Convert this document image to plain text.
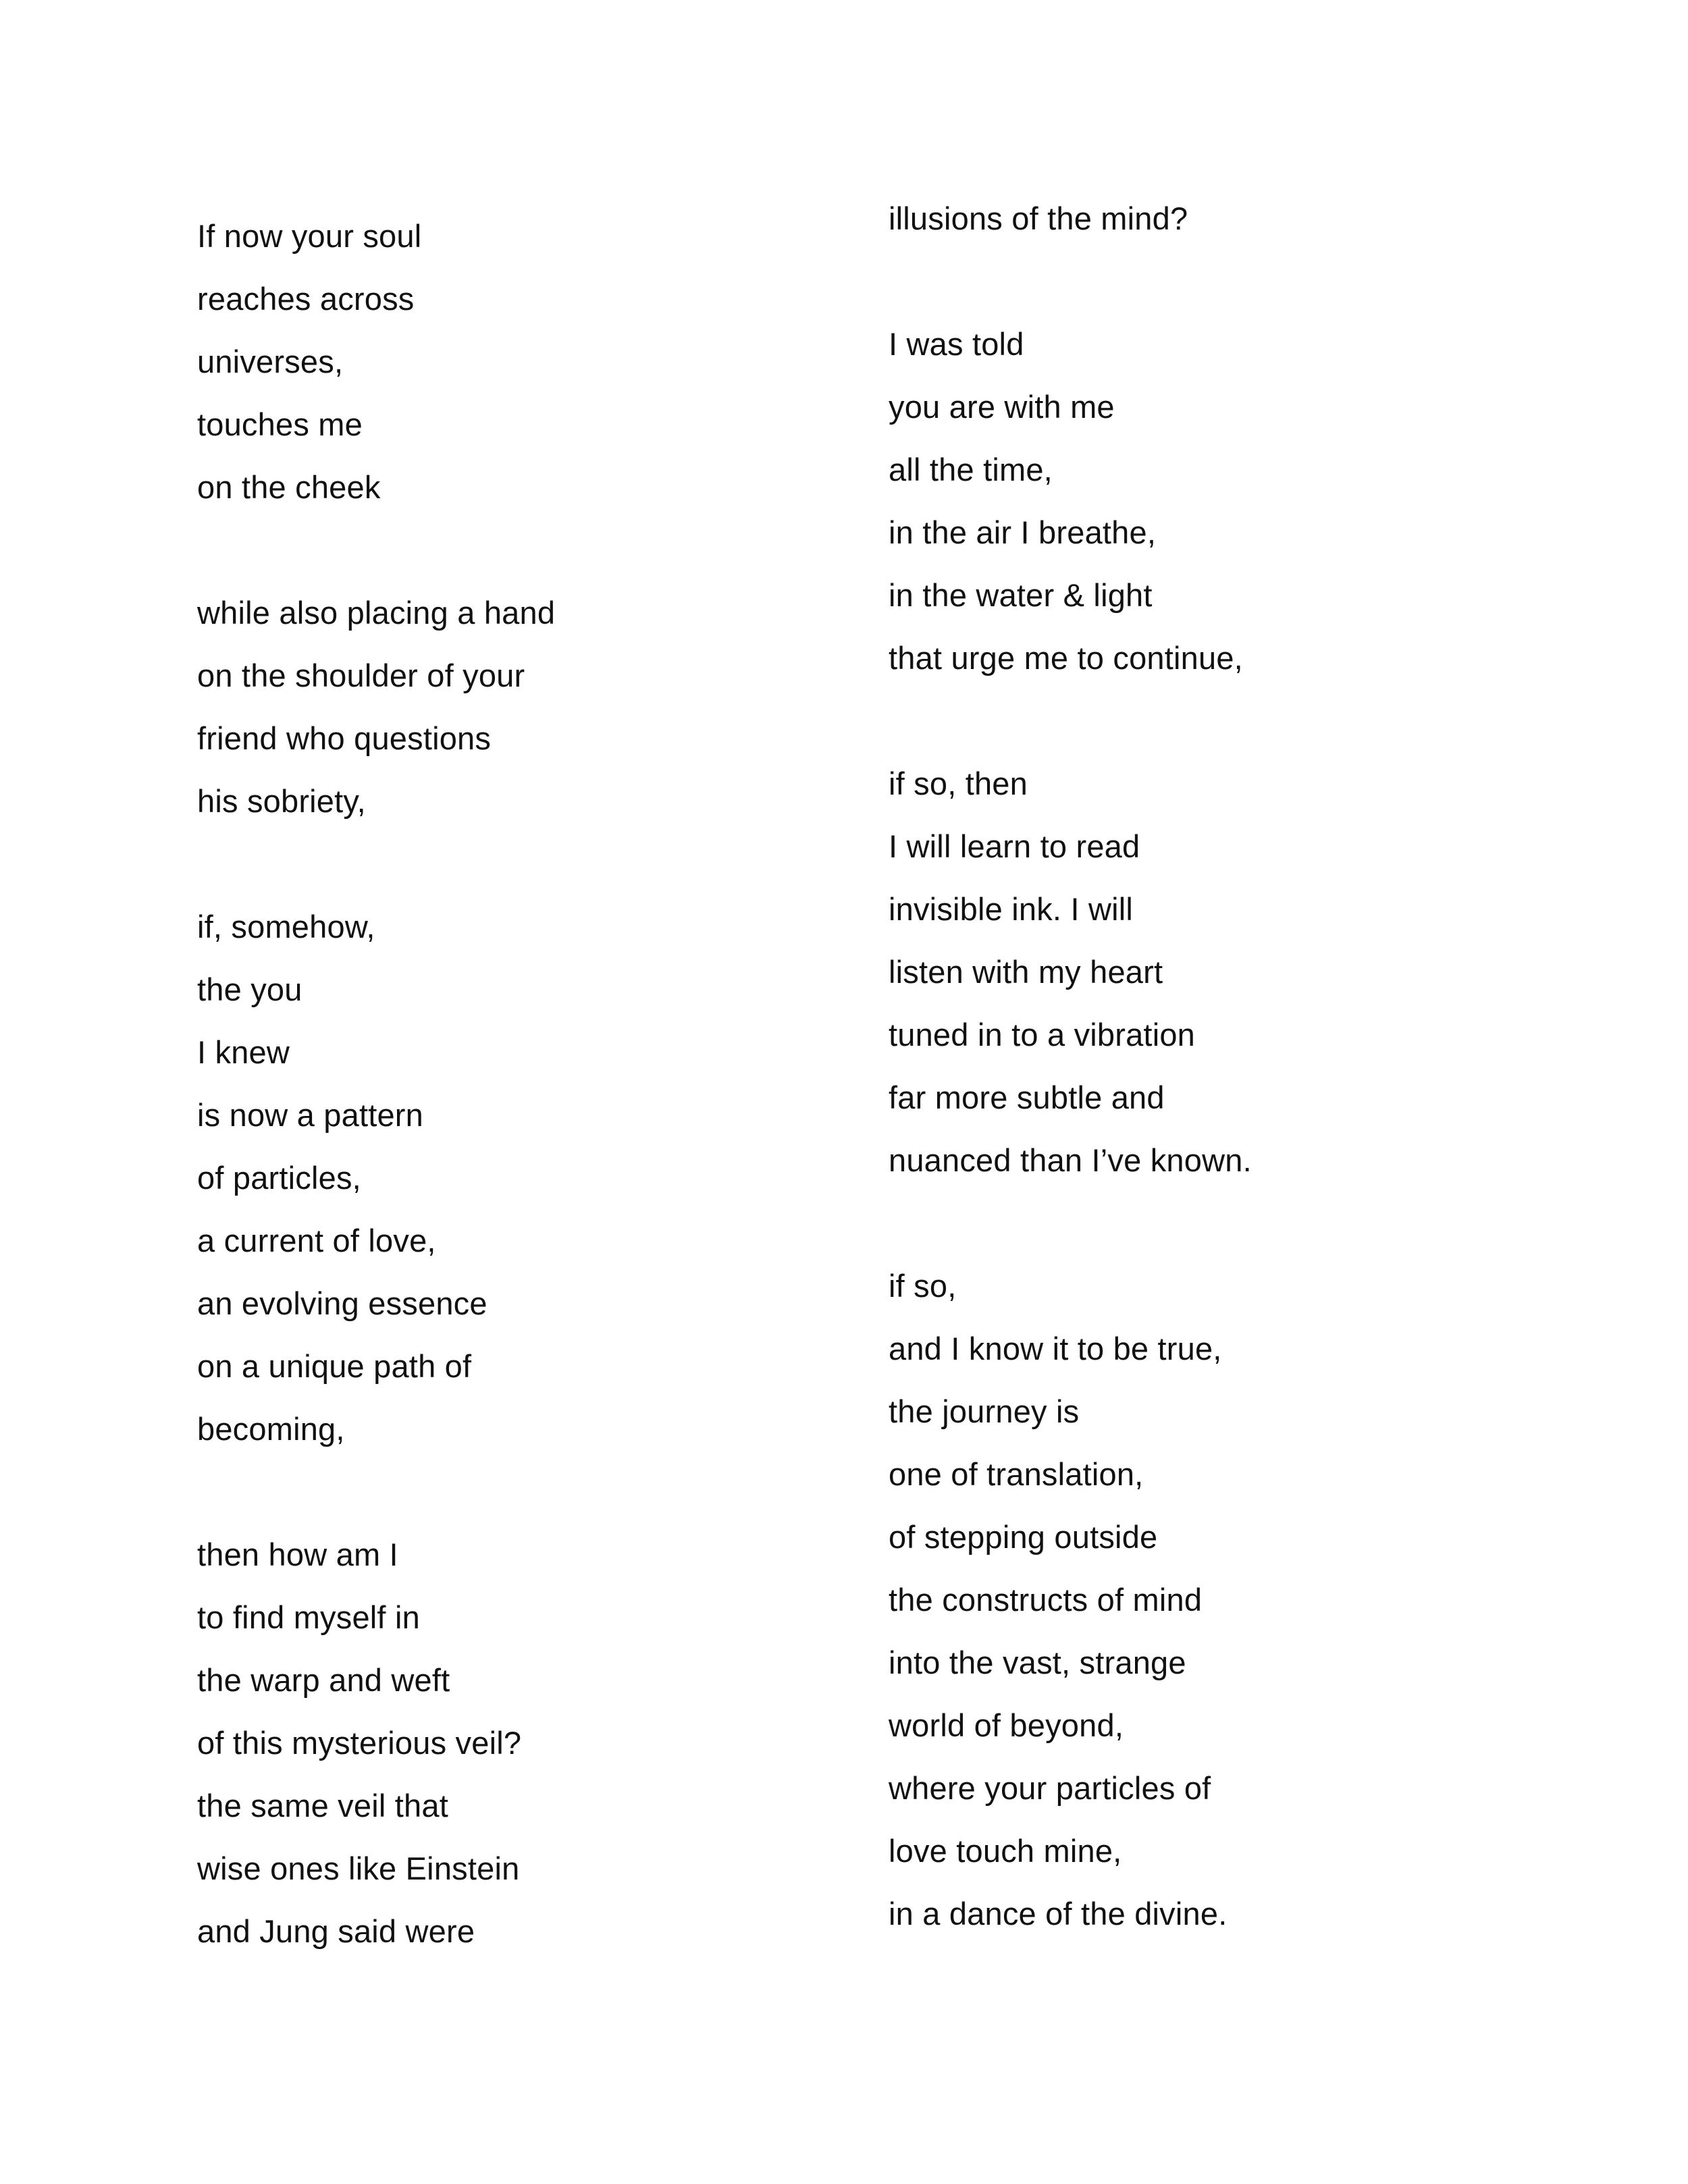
If now your soul
reaches across
universes,
touches me
on the cheek
while also placing a hand
on the shoulder of your
friend who questions
his sobriety,
if, somehow,
the you
I knew
is now a pattern
of particles,
a current of love,
an evolving essence
on a unique path of
becoming,
then how am I
to find myself in
the warp and weft
of this mysterious veil?
the same veil that
wise ones like Einstein
and Jung said were
illusions of the mind?
I was told
you are with me
all the time,
in the air I breathe,
in the water & light
that urge me to continue,
if so, then
I will learn to read
invisible ink. I will
listen with my heart
tuned in to a vibration
far more subtle and
nuanced than I’ve known.
if so,
and I know it to be true,
the journey is
one of translation,
of stepping outside
the constructs of mind
into the vast, strange
world of beyond,
where your particles of
love touch mine,
in a dance of the divine.
